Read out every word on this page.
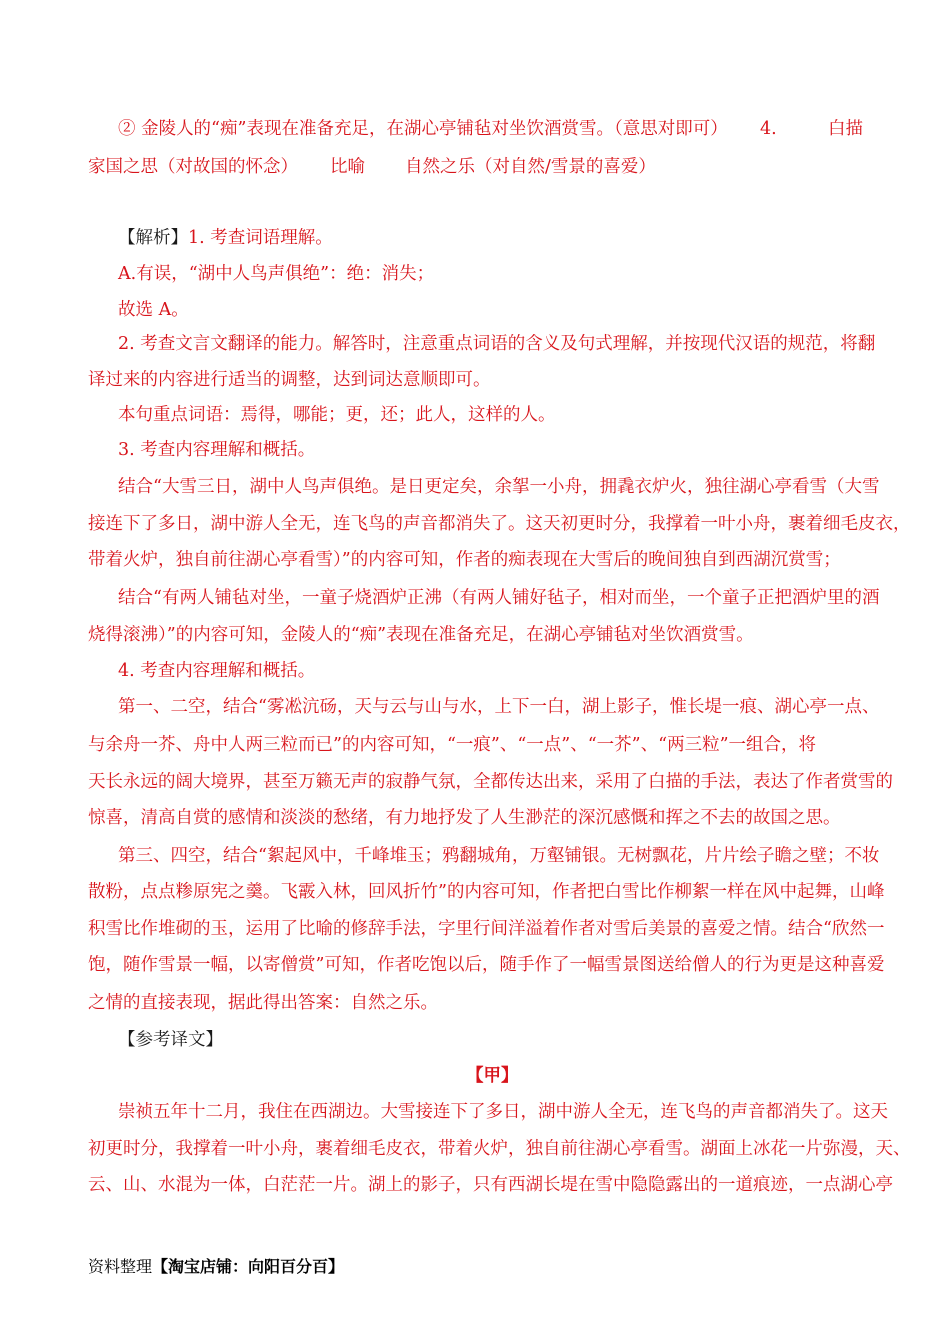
② 金陵人的“痴”表现在准备充足，在湖心亭铺毡对坐饮酒赏雪。（意思对即可） 4.	白描
家国之思（对故国的怀念） 比喻 自然之乐（对自然/雪景的喜爱）
【解析】1. 考查词语理解。
A.有误，“湖中人鸟声俱绝”：绝：消失；
故选 A。
2. 考查文言文翻译的能力。解答时，注意重点词语的含义及句式理解，并按现代汉语的规范，将翻
译过来的内容进行适当的调整，达到词达意顺即可。
本句重点词语：焉得，哪能；更，还；此人，这样的人。
3. 考查内容理解和概括。
结合“大雪三日，湖中人鸟声俱绝。是日更定矣，余挐一小舟，拥毳衣炉火，独往湖心亭看雪（大雪
接连下了多日，湖中游人全无，连飞鸟的声音都消失了。这天初更时分，我撑着一叶小舟，裹着细毛皮衣，
带着火炉，独自前往湖心亭看雪）”的内容可知，作者的痴表现在大雪后的晚间独自到西湖沉赏雪；
结合“有两人铺毡对坐，一童子烧酒炉正沸（有两人铺好毡子，相对而坐，一个童子正把酒炉里的酒
烧得滚沸）”的内容可知，金陵人的“痴”表现在准备充足，在湖心亭铺毡对坐饮酒赏雪。
4. 考查内容理解和概括。
第一、二空，结合“雾凇沆砀，天与云与山与水，上下一白，湖上影子，惟长堤一痕、湖心亭一点、
与余舟一芥、舟中人两三粒而已”的内容可知，“一痕”、“一点”、“一芥”、“两三粒”一组合，将
天长永远的阔大境界，甚至万籁无声的寂静气氛，全都传达出来，采用了白描的手法，表达了作者赏雪的
惊喜，清高自赏的感情和淡淡的愁绪，有力地抒发了人生渺茫的深沉感慨和挥之不去的故国之思。
第三、四空，结合“絮起风中，千峰堆玉；鸦翻城角，万壑铺银。无树飘花，片片绘子瞻之壁；不妆
散粉，点点糁原宪之羹。飞霰入林，回风折竹”的内容可知，作者把白雪比作柳絮一样在风中起舞，山峰
积雪比作堆砌的玉，运用了比喻的修辞手法，字里行间洋溢着作者对雪后美景的喜爱之情。结合“欣然一
饱，随作雪景一幅，以寄僧赏”可知，作者吃饱以后，随手作了一幅雪景图送给僧人的行为更是这种喜爱
之情的直接表现，据此得出答案：自然之乐。
【参考译文】
【甲】
崇祯五年十二月，我住在西湖边。大雪接连下了多日，湖中游人全无，连飞鸟的声音都消失了。这天
初更时分，我撑着一叶小舟，裹着细毛皮衣，带着火炉，独自前往湖心亭看雪。湖面上冰花一片弥漫，天、
云、山、水混为一体，白茫茫一片。湖上的影子，只有西湖长堤在雪中隐隐露出的一道痕迹，一点湖心亭
资料整理【淘宝店铺：向阳百分百】
